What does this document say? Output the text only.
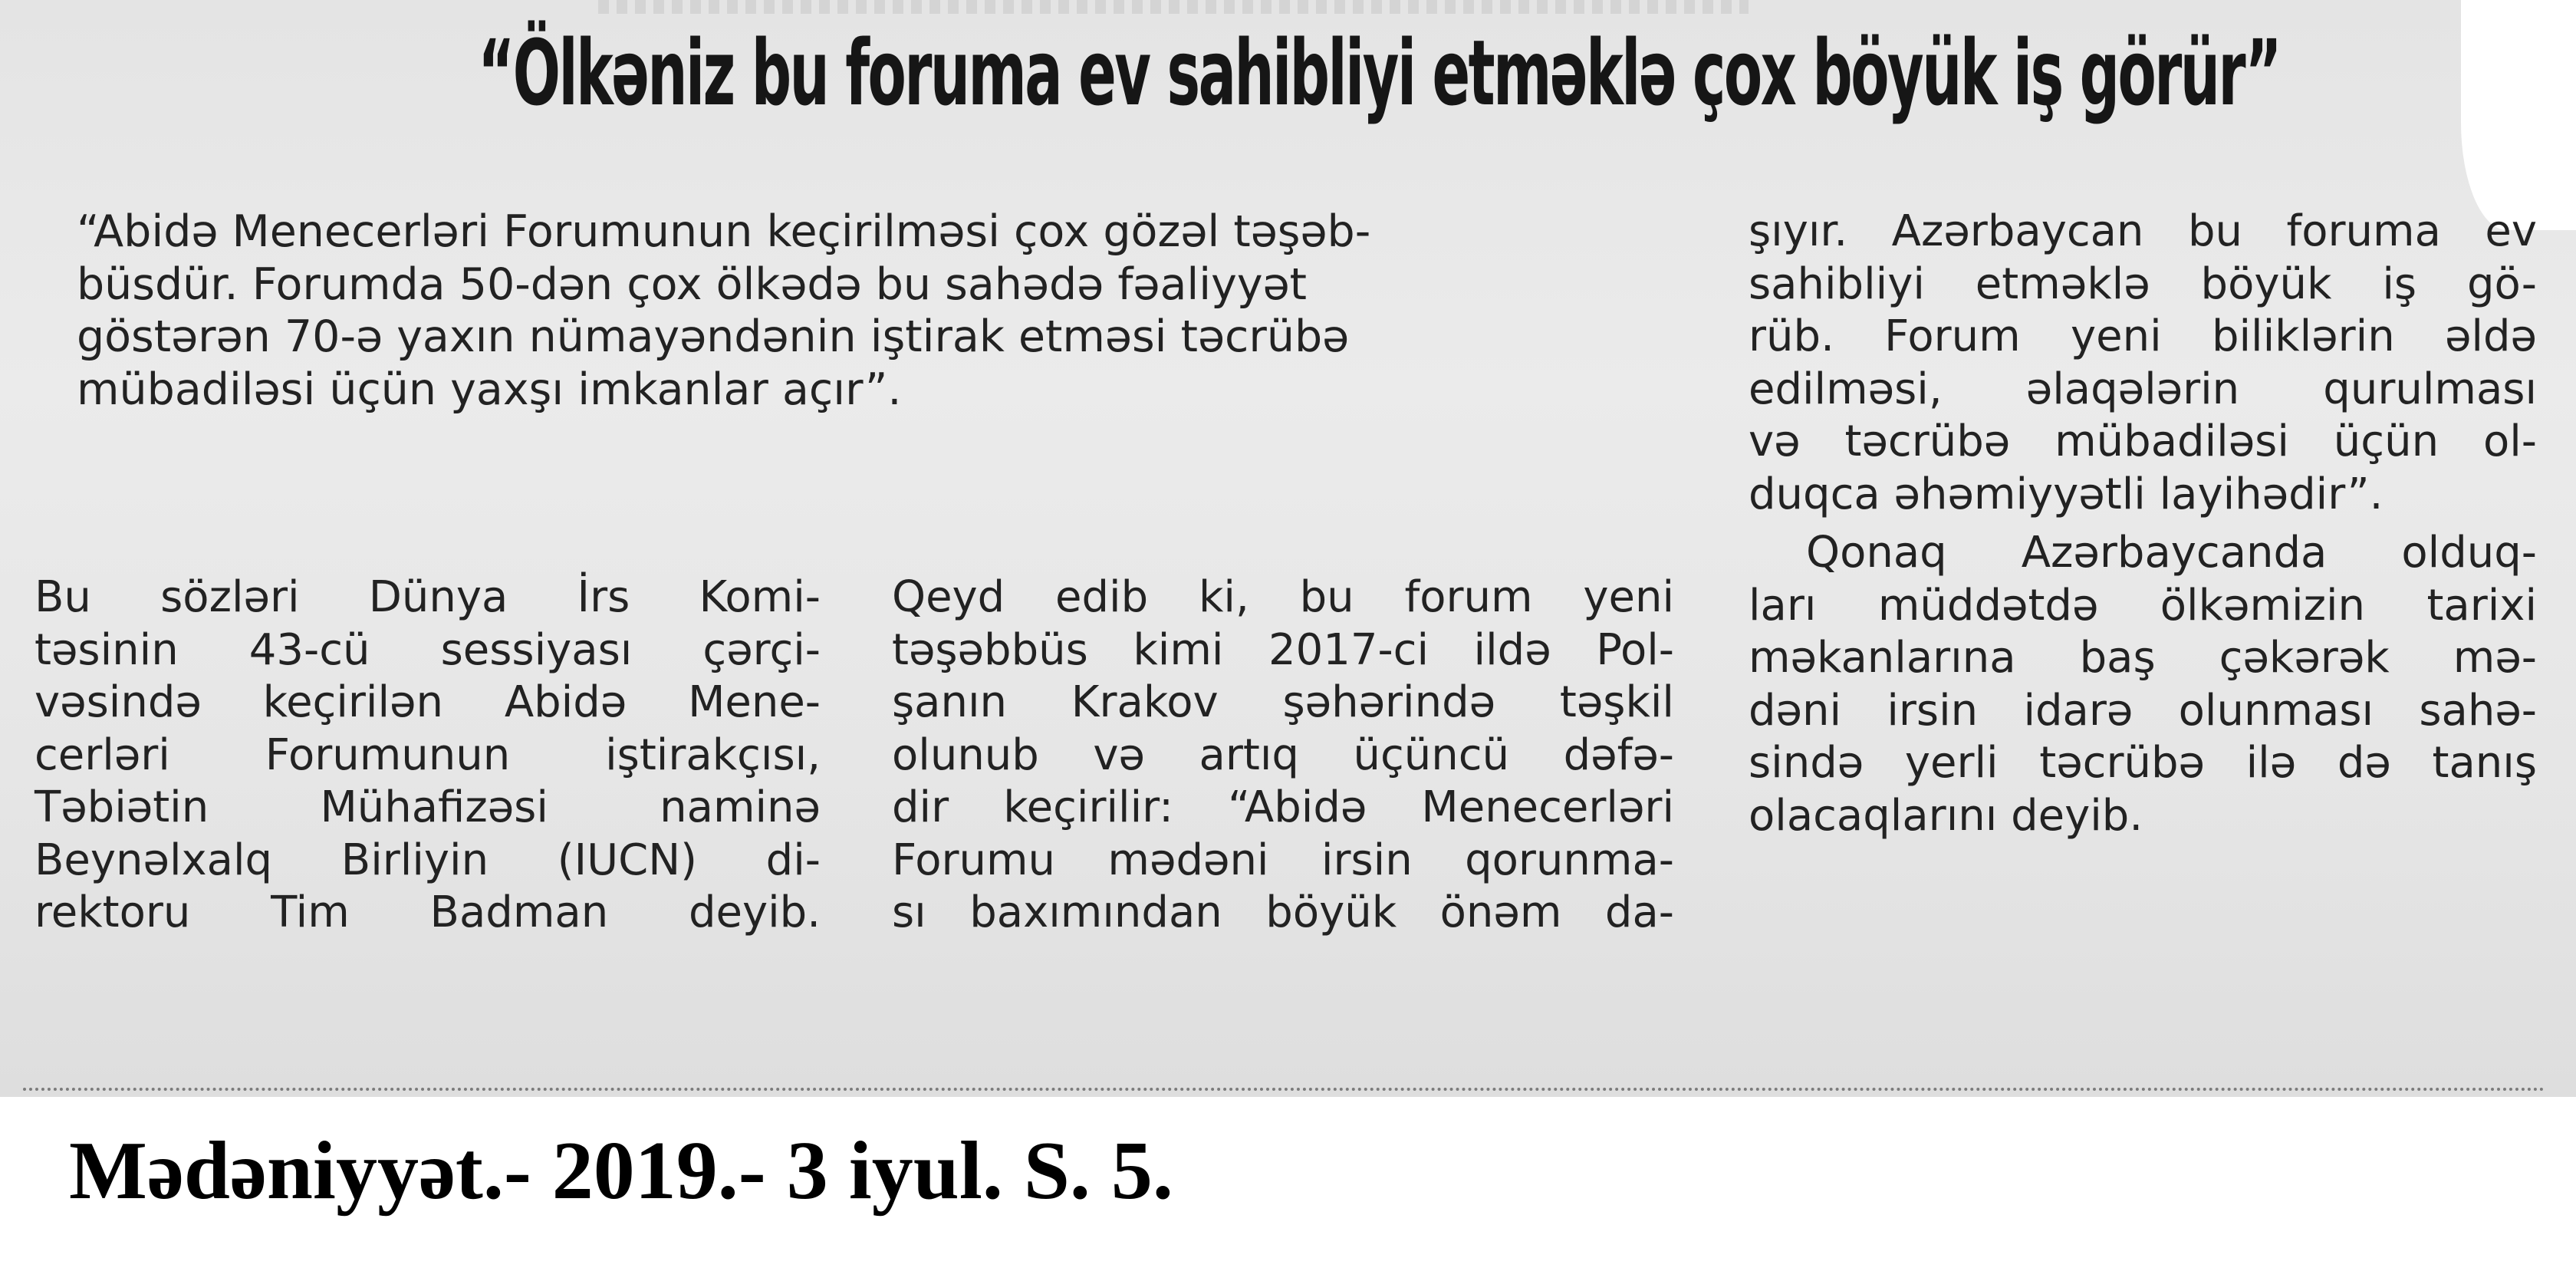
“Ölkəniz bu foruma ev sahibliyi etməklə çox böyük iş görür”
“Abidə Menecerləri Forumunun keçirilməsi çox gözəl təşəb-
büsdür. Forumda 50-dən çox ölkədə bu sahədə fəaliyyət
göstərən 70-ə yaxın nümayəndənin iştirak etməsi təcrübə
mübadiləsi üçün yaxşı imkanlar açır”.
Bu sözləri Dünya İrs Komi-
təsinin 43-cü sessiyası çərçi-
vəsində keçirilən Abidə Mene-
cerləri Forumunun iştirakçısı,
Təbiətin Mühafizəsi naminə
Beynəlxalq Birliyin (IUCN) di-
rektoru Tim Badman deyib.
Qeyd edib ki, bu forum yeni
təşəbbüs kimi 2017-ci ildə Pol-
şanın Krakov şəhərində təşkil
olunub və artıq üçüncü dəfə-
dir keçirilir: “Abidə Menecerləri
Forumu mədəni irsin qorunma-
sı baxımından böyük önəm da-

şıyır. Azərbaycan bu foruma ev
sahibliyi etməklə böyük iş gö-
rüb. Forum yeni biliklərin əldə
edilməsi, əlaqələrin qurulması
və təcrübə mübadiləsi üçün ol-
duqca əhəmiyyətli layihədir”.

Qonaq Azərbaycanda olduq-

ları müddətdə ölkəmizin tarixi
məkanlarına baş çəkərək mə-
dəni irsin idarə olunması sahə-
sində yerli təcrübə ilə də tanış
olacaqlarını deyib.

Mədəniyyət.- 2019.- 3 iyul. S. 5.
